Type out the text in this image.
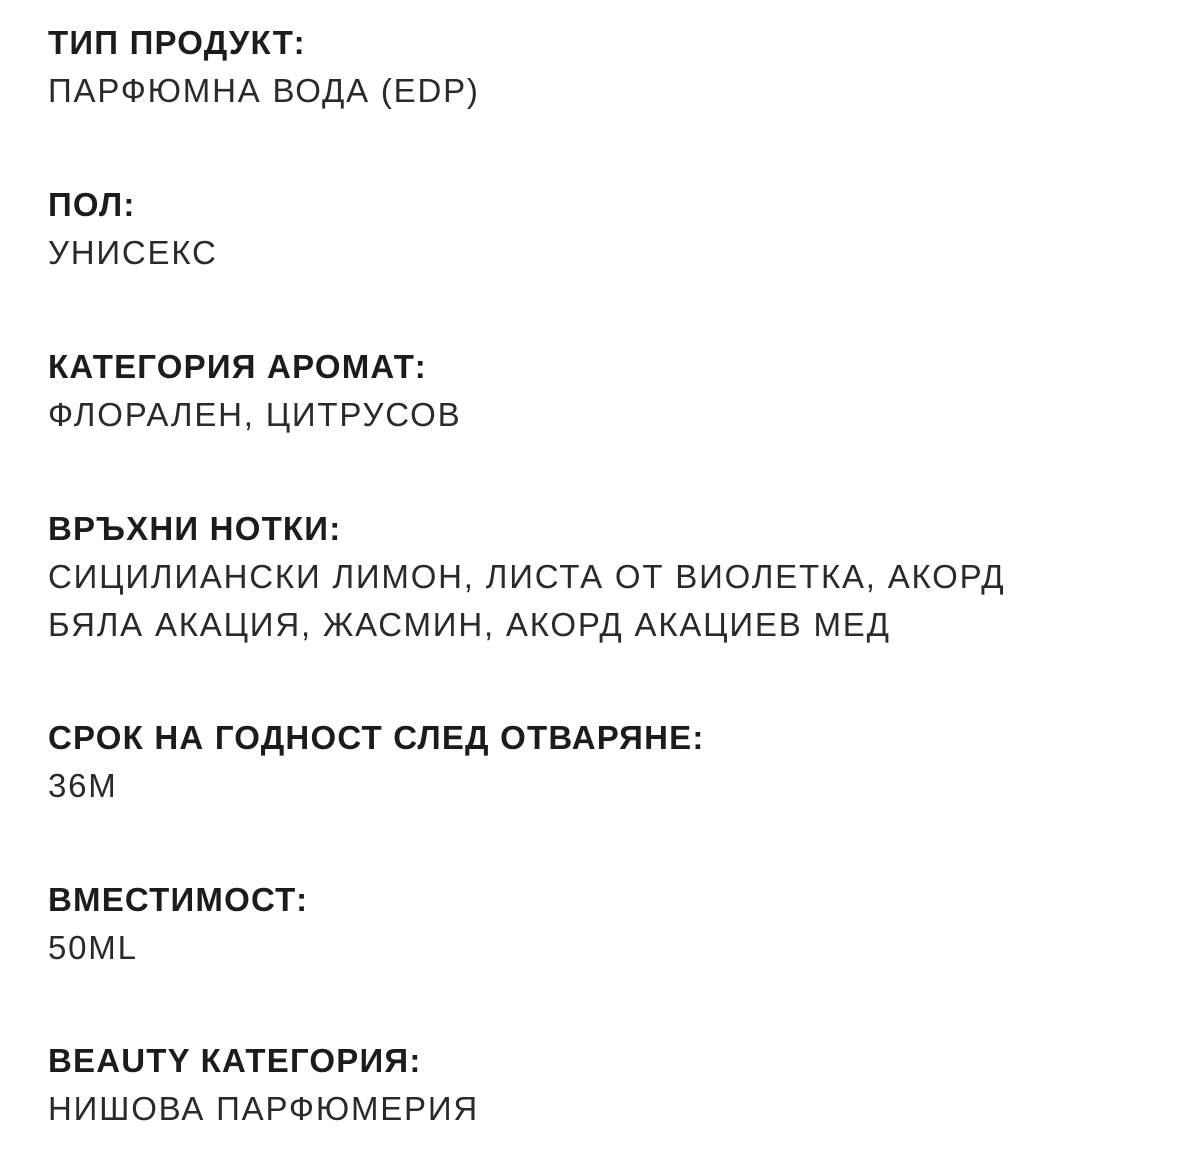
ТИП ПРОДУКТ:
ПАРФЮМНА ВОДА (EDP)
ПОЛ:
УНИСЕКС
КАТЕГОРИЯ АРОМАТ:
ФЛОРАЛЕН, ЦИТРУСОВ
ВРЪХНИ НОТКИ:
СИЦИЛИАНСКИ ЛИМОН, ЛИСТА ОТ ВИОЛЕТКА, АКОРД
БЯЛА АКАЦИЯ, ЖАСМИН, АКОРД АКАЦИЕВ МЕД
СРОК НА ГОДНОСТ СЛЕД ОТВАРЯНЕ:
36M
ВМЕСТИМОСТ:
50ML
BEAUTY КАТЕГОРИЯ:
НИШОВА ПАРФЮМЕРИЯ
